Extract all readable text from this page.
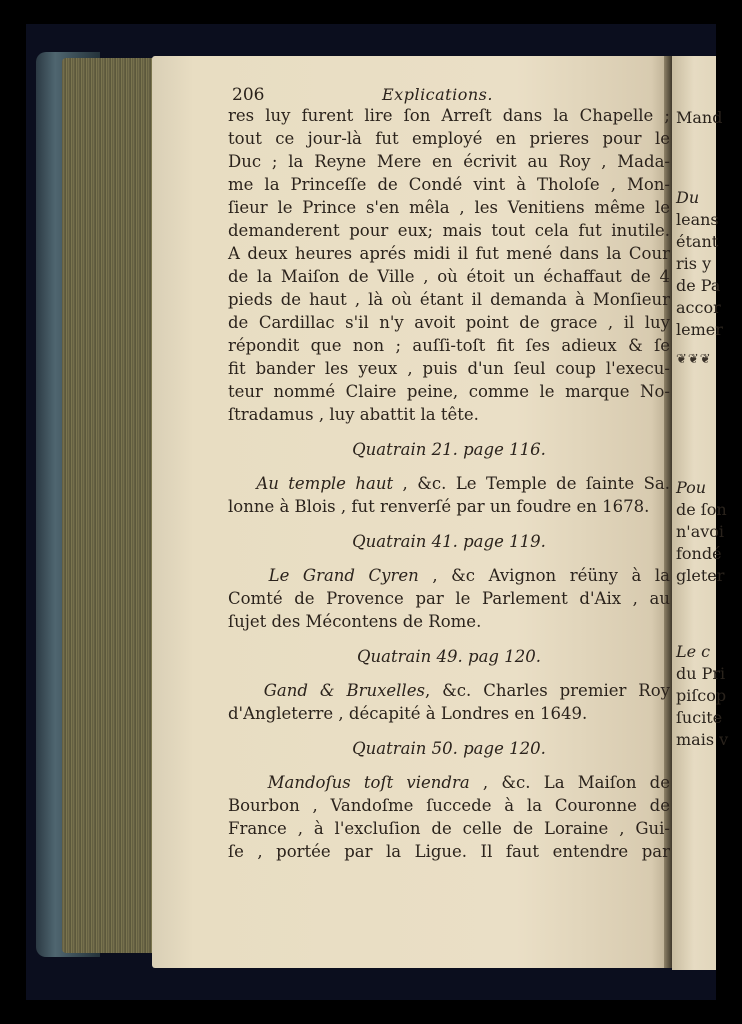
Mand
Du
leans
étant
ris y
de Pa
accor
lemer
❦❦❦
Pou
de ſon
n'avoi
fondé
gleter
Le c
du Pri
piſcop
ſucite
mais v
206	Explications.
res luy furent lire ſon Arreſt dans la Chapelle ;
tout ce jour-là fut employé en prieres pour le
Duc ; la Reyne Mere en écrivit au Roy , Mada-
me la Princeſſe de Condé vint à Tholoſe , Mon-
ſieur le Prince s'en mêla , les Venitiens même le
demanderent pour eux; mais tout cela fut inutile.
A deux heures aprés midi il fut mené dans la Cour
de la Maiſon de Ville , où étoit un échaffaut de 4
pieds de haut , là où étant il demanda à Monſieur
de Cardillac s'il n'y avoit point de grace , il luy
répondit que non ; auſſi-toſt fit ſes adieux & ſe
fit bander les yeux , puis d'un ſeul coup l'execu-
teur nommé Claire peine, comme le marque No-
ſtradamus , luy abattit la tête.
Quatrain 21. page 116.
Au temple haut , &c. Le Temple de ſainte Sa.
lonne à Blois , fut renverſé par un foudre en 1678.
Quatrain 41. page 119.
Le Grand Cyren , &c Avignon réüny à la
Comté de Provence par le Parlement d'Aix , au
ſujet des Mécontens de Rome.
Quatrain 49. pag 120.
Gand & Bruxelles, &c. Charles premier Roy
d'Angleterre , décapité à Londres en 1649.
Quatrain 50. page 120.
Mandoſus toſt viendra , &c. La Maiſon de
Bourbon , Vandoſme ſuccede à la Couronne de
France , à l'excluſion de celle de Loraine , Gui-
ſe , portée par la Ligue. Il faut entendre par
